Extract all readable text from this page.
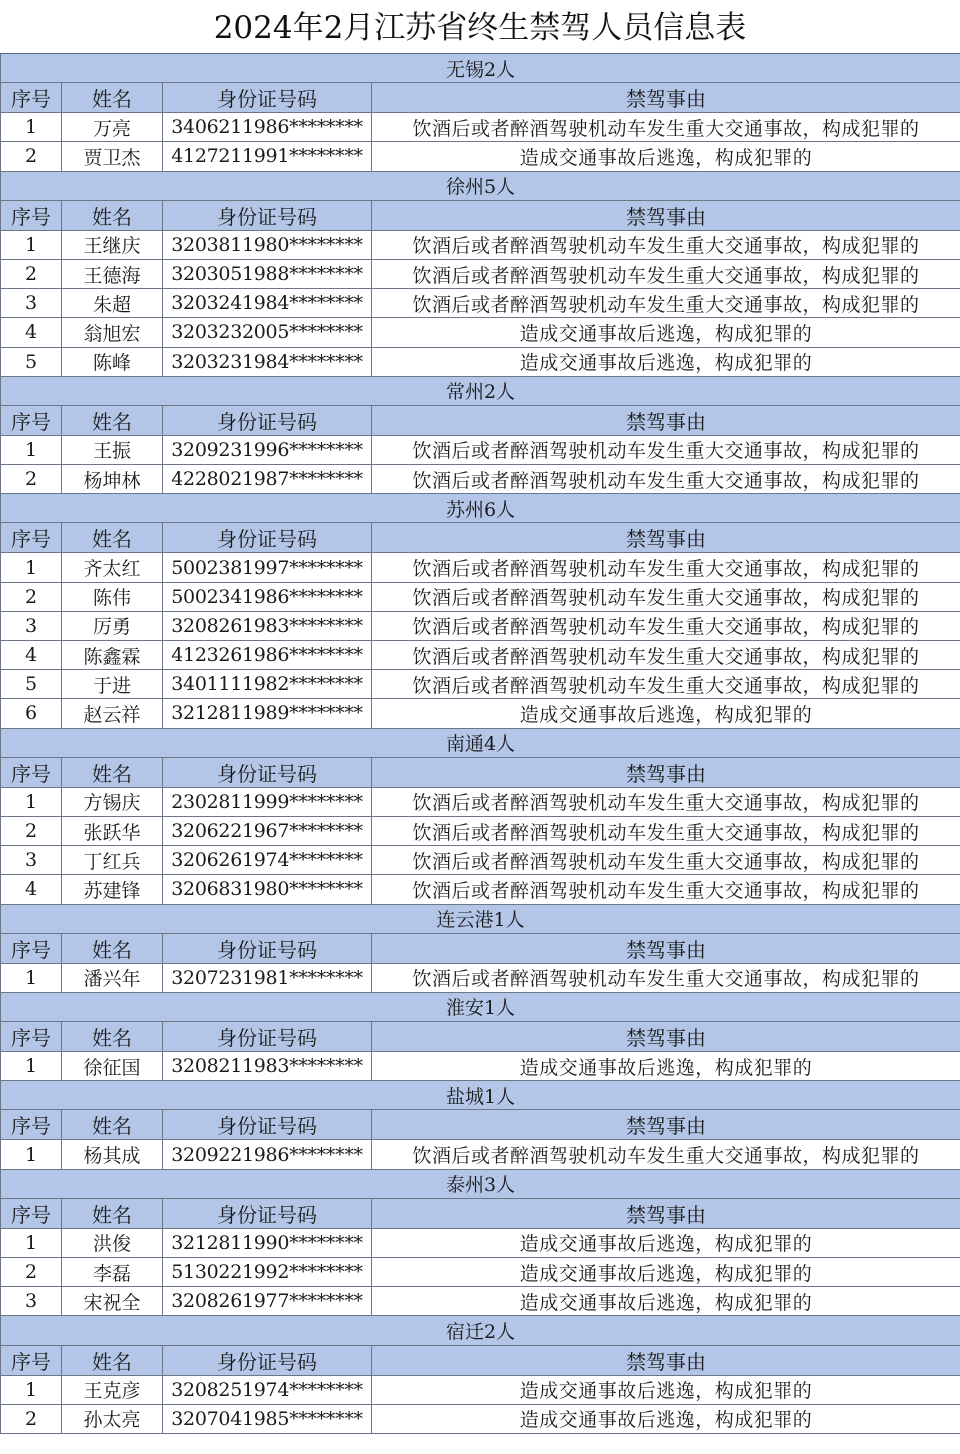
2024年2月江苏省终生禁驾人员信息表
无锡2人			
序号	姓名	身份证号码	禁驾事由
1	万亮	3406211986********	饮酒后或者醉酒驾驶机动车发生重大交通事故，构成犯罪的
2	贾卫杰	4127211991********	造成交通事故后逃逸，构成犯罪的
徐州5人			
序号	姓名	身份证号码	禁驾事由
1	王继庆	3203811980********	饮酒后或者醉酒驾驶机动车发生重大交通事故，构成犯罪的
2	王德海	3203051988********	饮酒后或者醉酒驾驶机动车发生重大交通事故，构成犯罪的
3	朱超	3203241984********	饮酒后或者醉酒驾驶机动车发生重大交通事故，构成犯罪的
4	翁旭宏	3203232005********	造成交通事故后逃逸，构成犯罪的
5	陈峰	3203231984********	造成交通事故后逃逸，构成犯罪的
常州2人			
序号	姓名	身份证号码	禁驾事由
1	王振	3209231996********	饮酒后或者醉酒驾驶机动车发生重大交通事故，构成犯罪的
2	杨坤林	4228021987********	饮酒后或者醉酒驾驶机动车发生重大交通事故，构成犯罪的
苏州6人			
序号	姓名	身份证号码	禁驾事由
1	齐太红	5002381997********	饮酒后或者醉酒驾驶机动车发生重大交通事故，构成犯罪的
2	陈伟	5002341986********	饮酒后或者醉酒驾驶机动车发生重大交通事故，构成犯罪的
3	厉勇	3208261983********	饮酒后或者醉酒驾驶机动车发生重大交通事故，构成犯罪的
4	陈鑫霖	4123261986********	饮酒后或者醉酒驾驶机动车发生重大交通事故，构成犯罪的
5	于进	3401111982********	饮酒后或者醉酒驾驶机动车发生重大交通事故，构成犯罪的
6	赵云祥	3212811989********	造成交通事故后逃逸，构成犯罪的
南通4人			
序号	姓名	身份证号码	禁驾事由
1	方锡庆	2302811999********	饮酒后或者醉酒驾驶机动车发生重大交通事故，构成犯罪的
2	张跃华	3206221967********	饮酒后或者醉酒驾驶机动车发生重大交通事故，构成犯罪的
3	丁红兵	3206261974********	饮酒后或者醉酒驾驶机动车发生重大交通事故，构成犯罪的
4	苏建锋	3206831980********	饮酒后或者醉酒驾驶机动车发生重大交通事故，构成犯罪的
连云港1人			
序号	姓名	身份证号码	禁驾事由
1	潘兴年	3207231981********	饮酒后或者醉酒驾驶机动车发生重大交通事故，构成犯罪的
淮安1人			
序号	姓名	身份证号码	禁驾事由
1	徐征国	3208211983********	造成交通事故后逃逸，构成犯罪的
盐城1人			
序号	姓名	身份证号码	禁驾事由
1	杨其成	3209221986********	饮酒后或者醉酒驾驶机动车发生重大交通事故，构成犯罪的
泰州3人			
序号	姓名	身份证号码	禁驾事由
1	洪俊	3212811990********	造成交通事故后逃逸，构成犯罪的
2	李磊	5130221992********	造成交通事故后逃逸，构成犯罪的
3	宋祝全	3208261977********	造成交通事故后逃逸，构成犯罪的
宿迁2人			
序号	姓名	身份证号码	禁驾事由
1	王克彦	3208251974********	造成交通事故后逃逸，构成犯罪的
2	孙太亮	3207041985********	造成交通事故后逃逸，构成犯罪的
